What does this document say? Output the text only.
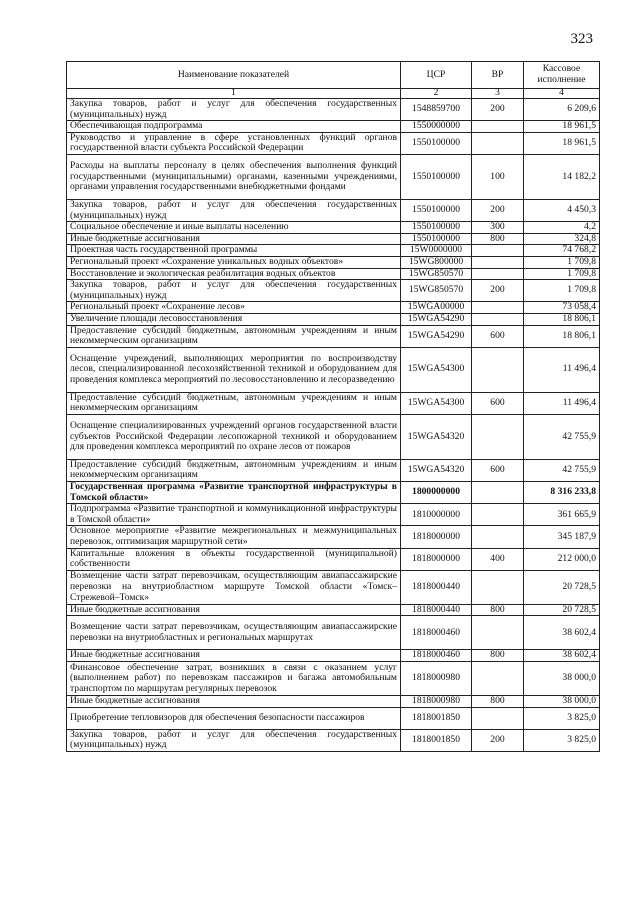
323
Наименование показателей	ЦСР	ВР	Кассовое исполнение
1	2	3	4
Закупка товаров, работ и услуг для обеспечения государственных (муниципальных) нужд	1548859700	200	6 209,6
Обеспечивающая подпрограмма	1550000000		18 961,5
Руководство и управление в сфере установленных функций органов государственной власти субъекта Российской Федерации	1550100000		18 961,5
Расходы на выплаты персоналу в целях обеспечения выполнения функций государственными (муниципальными) органами, казенными учреждениями, органами управления государственными внебюджетными фондами	1550100000	100	14 182,2
Закупка товаров, работ и услуг для обеспечения государственных (муниципальных) нужд	1550100000	200	4 450,3
Социальное обеспечение и иные выплаты населению	1550100000	300	4,2
Иные бюджетные ассигнования	1550100000	800	324,8
Проектная часть государственной программы	15W0000000		74 768,2
Региональный проект «Сохранение уникальных водных объектов»	15WG800000		1 709,8
Восстановление и экологическая реабилитация водных объектов	15WG850570		1 709,8
Закупка товаров, работ и услуг для обеспечения государственных (муниципальных) нужд	15WG850570	200	1 709,8
Региональный проект «Сохранение лесов»	15WGA00000		73 058,4
Увеличение площади лесовосстановления	15WGA54290		18 806,1
Предоставление субсидий бюджетным, автономным учреждениям и иным некоммерческим организациям	15WGA54290	600	18 806,1
Оснащение учреждений, выполняющих мероприятия по воспроизводству лесов, специализированной лесохозяйственной техникой и оборудованием для проведения комплекса мероприятий по лесовосстановлению и лесоразведению	15WGA54300		11 496,4
Предоставление субсидий бюджетным, автономным учреждениям и иным некоммерческим организациям	15WGA54300	600	11 496,4
Оснащение специализированных учреждений органов государственной власти субъектов Российской Федерации лесопожарной техникой и оборудованием для проведения комплекса мероприятий по охране лесов от пожаров	15WGA54320		42 755,9
Предоставление субсидий бюджетным, автономным учреждениям и иным некоммерческим организациям	15WGA54320	600	42 755,9
Государственная программа «Развитие транспортной инфраструктуры в Томской области»	1800000000		8 316 233,8
Подпрограмма «Развитие транспортной и коммуникационной инфраструктуры в Томской области»	1810000000		361 665,9
Основное мероприятие «Развитие межрегиональных и межмуниципальных перевозок, оптимизация маршрутной сети»	1818000000		345 187,9
Капитальные вложения в объекты государственной (муниципальной) собственности	1818000000	400	212 000,0
Возмещение части затрат перевозчикам, осуществляющим авиапассажирские перевозки на внутриобластном маршруте Томской области «Томск–Стрежевой–Томск»	1818000440		20 728,5
Иные бюджетные ассигнования	1818000440	800	20 728,5
Возмещение части затрат перевозчикам, осуществляющим авиапассажирские перевозки на внутриобластных и региональных маршрутах	1818000460		38 602,4
Иные бюджетные ассигнования	1818000460	800	38 602,4
Финансовое обеспечение затрат, возникших в связи с оказанием услуг (выполнением работ) по перевозкам пассажиров и багажа автомобильным транспортом по маршрутам регулярных перевозок	1818000980		38 000,0
Иные бюджетные ассигнования	1818000980	800	38 000,0
Приобретение тепловизоров для обеспечения безопасности пассажиров	1818001850		3 825,0
Закупка товаров, работ и услуг для обеспечения государственных (муниципальных) нужд	1818001850	200	3 825,0
